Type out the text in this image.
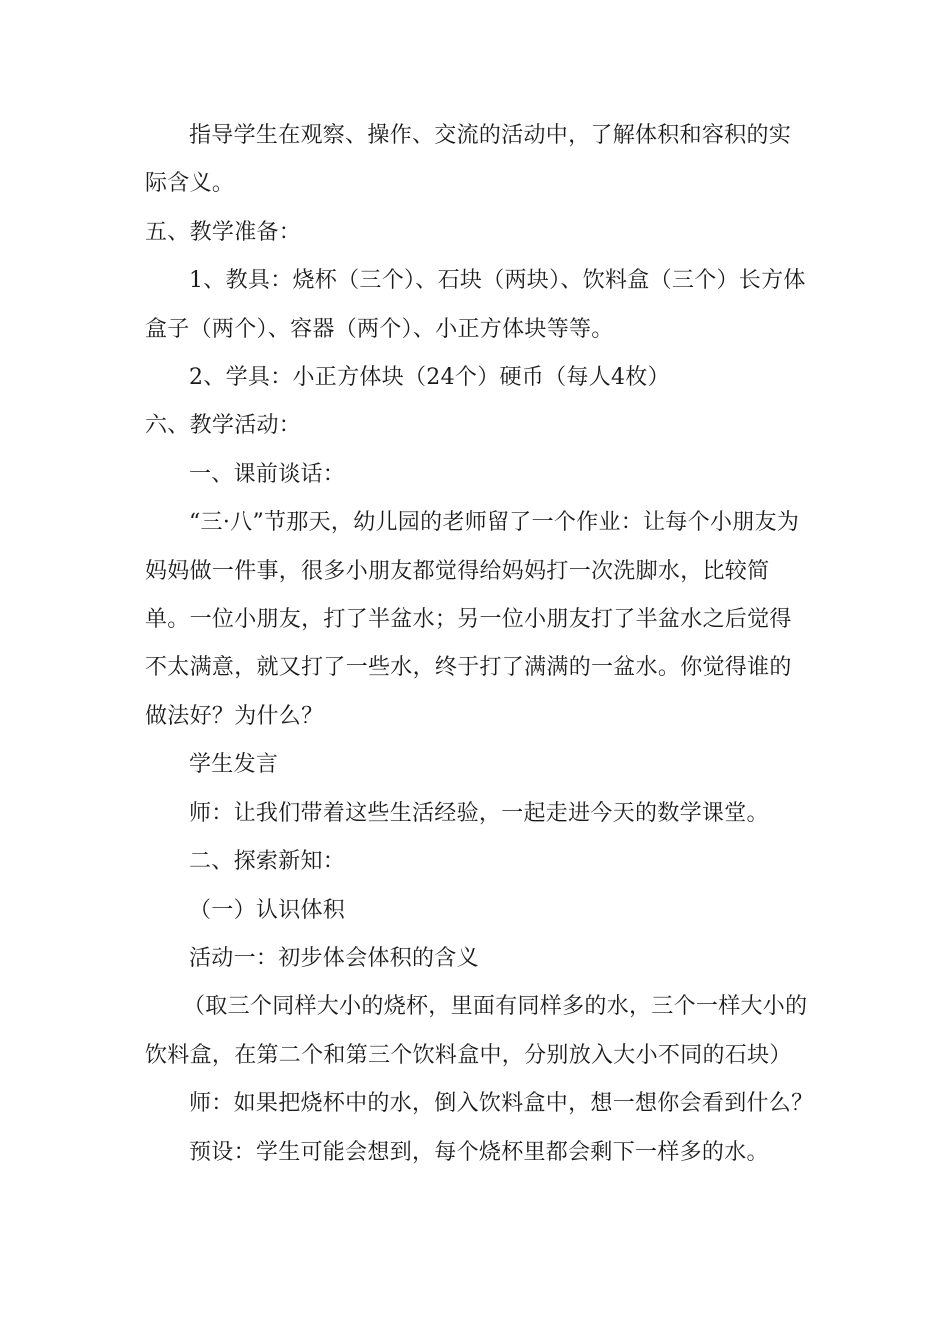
指导学生在观察、操作、交流的活动中，了解体积和容积的实际含义。

五、教学准备：

1、教具：烧杯（三个）、石块（两块）、饮料盒（三个）长方体盒子（两个）、容器（两个）、小正方体块等等。

2、学具：小正方体块（24个）硬币（每人4枚）

六、教学活动：

一、课前谈话：

“三·八”节那天，幼儿园的老师留了一个作业：让每个小朋友为妈妈做一件事，很多小朋友都觉得给妈妈打一次洗脚水，比较简单。一位小朋友，打了半盆水；另一位小朋友打了半盆水之后觉得不太满意，就又打了一些水，终于打了满满的一盆水。你觉得谁的做法好？为什么？

学生发言

师：让我们带着这些生活经验，一起走进今天的数学课堂。

二、探索新知：

（一）认识体积

活动一：初步体会体积的含义

（取三个同样大小的烧杯，里面有同样多的水，三个一样大小的饮料盒，在第二个和第三个饮料盒中，分别放入大小不同的石块）

师：如果把烧杯中的水，倒入饮料盒中，想一想你会看到什么？

预设：学生可能会想到，每个烧杯里都会剩下一样多的水。
